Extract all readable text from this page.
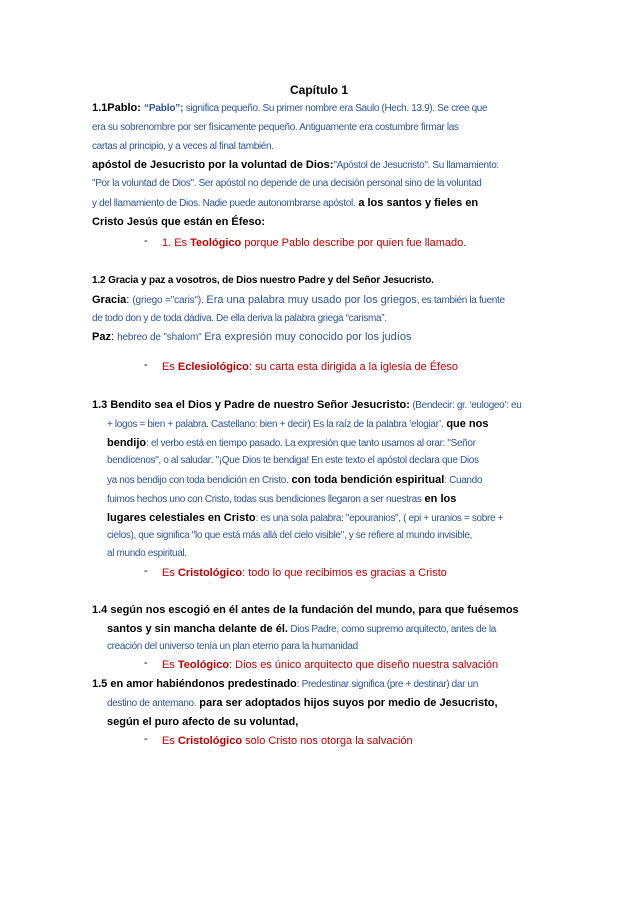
Capítulo 1
1.1Pablo: “Pablo”; significa pequeño. Su primer nombre era Saulo (Hech. 13.9). Se cree que
era su sobrenombre por ser físicamente pequeño. Antiguamente era costumbre firmar las
cartas al principio, y a veces al final también.
apóstol de Jesucristo por la voluntad de Dios:"Apóstol de Jesucristo". Su llamamiento:
"Por la voluntad de Dios". Ser apóstol no depende de una decisión personal sino de la voluntad
y del llamamiento de Dios. Nadie puede autonombrarse apóstol. a los santos y fieles en
Cristo Jesús que están en Éfeso:
- 1. Es Teológico porque Pablo describe por quien fue llamado.
1.2 Gracia y paz a vosotros, de Dios nuestro Padre y del Señor Jesucristo.
Gracia: (griego ="caris"). Era una palabra muy usado por los griegos, es también la fuente
de todo don y de toda dádiva. De ella deriva la palabra griega “carisma”.
Paz: hebreo de "shalom" Era expresión muy conocido por los judíos
- Es Eclesiológico: su carta esta dirigida a la iglesia de Éfeso
1.3 Bendito sea el Dios y Padre de nuestro Señor Jesucristo: (Bendecir: gr. ‘eulogeo’: eu
+ logos = bien + palabra. Castellano: bien + decir) Es la raíz de la palabra ‘elogiar’. que nos
bendijo: el verbo está en tiempo pasado. La expresión que tanto usamos al orar: "Señor
bendícenos", o al saludar: "¡Que Dios te bendiga! En este texto el apóstol declara que Dios
ya nos bendijo con toda bendición en Cristo. con toda bendición espiritual: Cuando
fuimos hechos uno con Cristo, todas sus bendiciones llegaron a ser nuestras en los
lugares celestiales en Cristo: es una sola palabra: "epouranios", ( epi + uranios = sobre +
cielos), que significa "lo que está más allá del cielo visible", y se refiere al mundo invisible,
al mundo espiritual.
- Es Cristológico: todo lo que recibimos es gracias a Cristo
1.4 según nos escogió en él antes de la fundación del mundo, para que fuésemos
santos y sin mancha delante de él. Dios Padre, como supremo arquitecto, antes de la
creación del universo tenía un plan eterno para la humanidad
- Es Teológico: Dios es único arquitecto que diseño nuestra salvación
1.5 en amor habiéndonos predestinado: Predestinar significa (pre + destinar) dar un
destino de antemano. para ser adoptados hijos suyos por medio de Jesucristo,
según el puro afecto de su voluntad,
- Es Cristológico solo Cristo nos otorga la salvación
